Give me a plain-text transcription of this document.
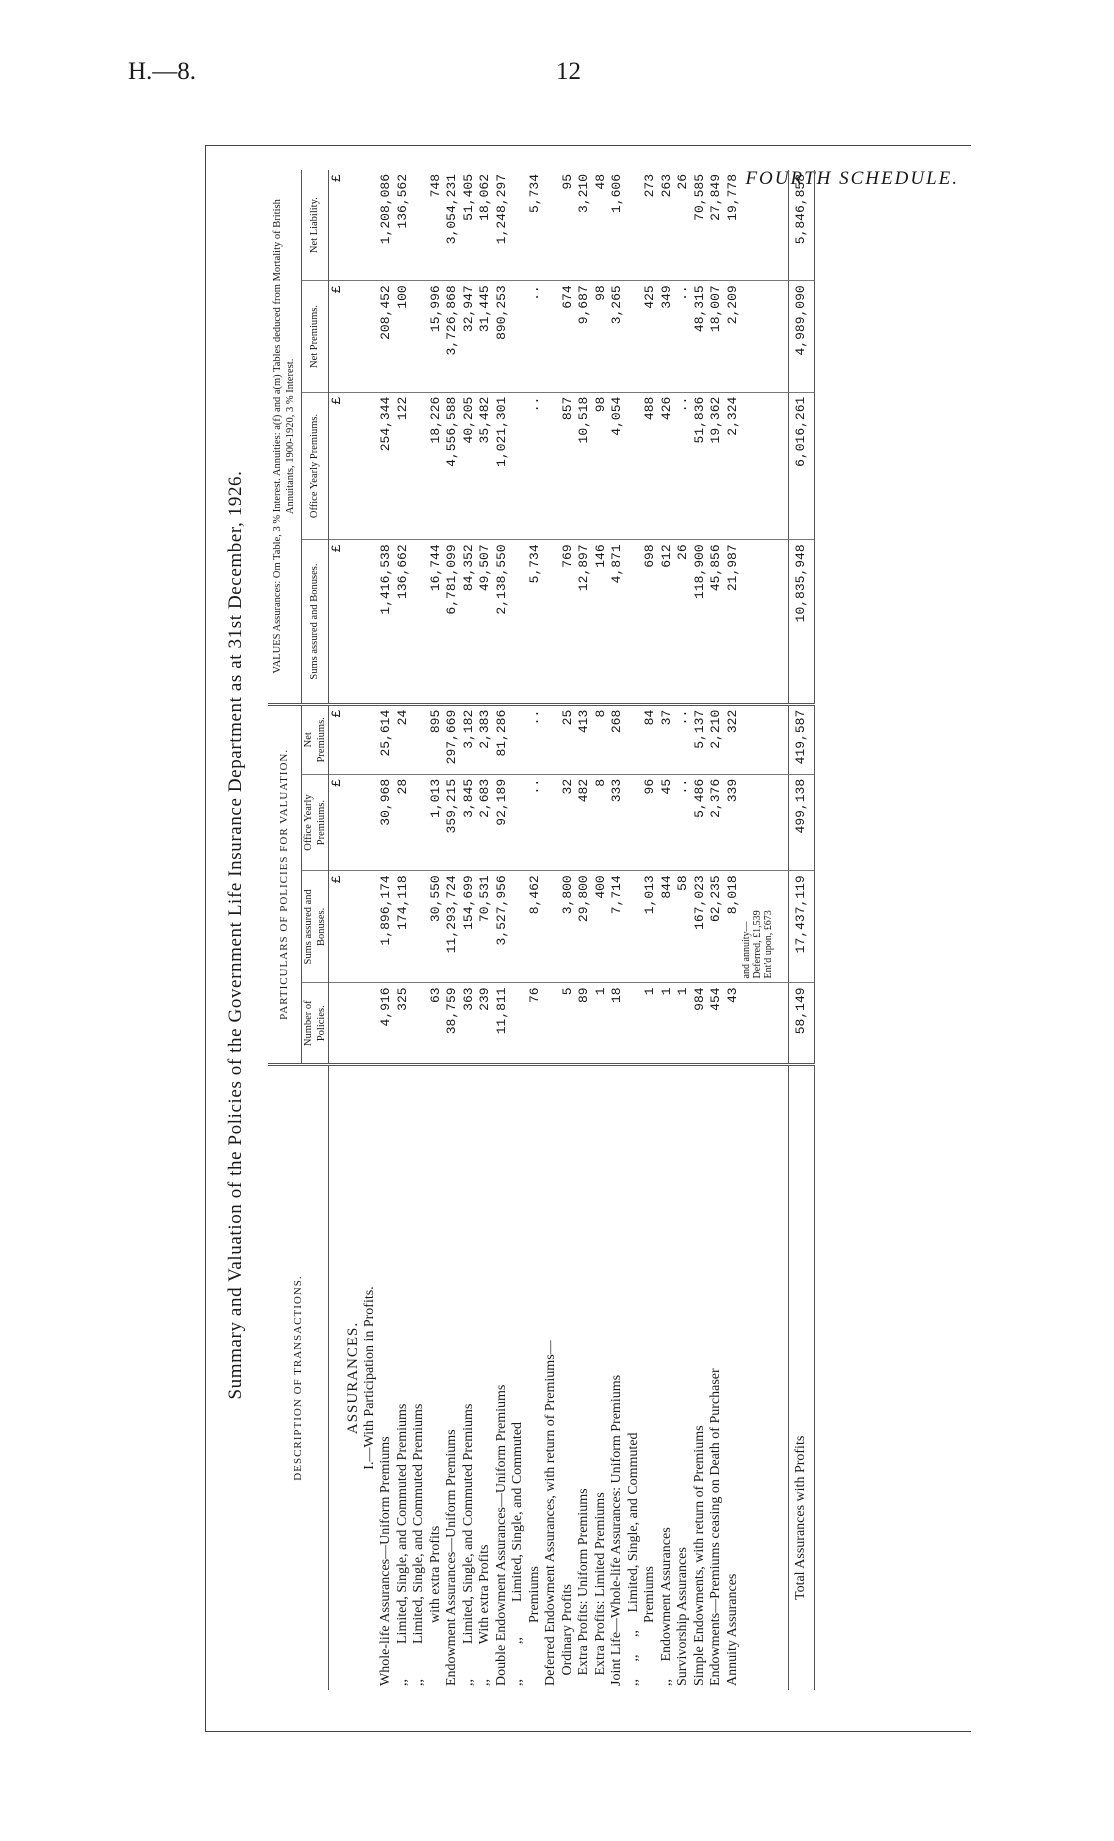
H.—8.	12
FOURTH SCHEDULE.
Summary and Valuation of the Policies of the Government Life Insurance Department as at 31st December, 1926.	DESCRIPTION OF TRANSACTIONS.	PARTICULARS OF POLICIES FOR VALUATION.				VALUES Assurances: Om Table, 3 % Interest. Annuities: a(f) and a(m) Tables deduced from Mortality of British Annuitants, 1900-1920, 3 % Interest.			
	Number of Policies.	Sums assured and Bonuses.	Office Yearly Premiums.	Net Premiums.	Sums assured and Bonuses.	Office Yearly Premiums.	Net Premiums.	Net Liability.
		£	£	£	£	£	£	£
ASSURANCES.								
I.—With Participation in Profits.								
Whole-life Assurances—Uniform Premiums	4,916	1,896,174	30,968	25,614	1,416,538	254,344	208,452	1,208,086
,,          Limited, Single, and Commuted Premiums	325	174,118	28	24	136,662	122	100	136,562
,,          Limited, Single, and Commuted Premiums								
with extra Profits	63	30,550	1,013	895	16,744	18,226	15,996	748
Endowment Assurances—Uniform Premiums	38,759	11,293,724	359,215	297,669	6,781,099	4,556,588	3,726,868	3,054,231
,,          Limited, Single, and Commuted Premiums	363	154,699	3,845	3,182	84,352	40,205	32,947	51,405
,,          With extra Profits	239	70,531	2,683	2,383	49,507	35,482	31,445	18,062
Double Endowment Assurances—Uniform Premiums	11,811	3,527,956	92,189	81,286	2,138,550	1,021,301	890,253	1,248,297
,,          ,,          Limited, Single, and Commuted								
Premiums	76	8,462	..	..	5,734	..	..	5,734
Deferred Endowment Assurances, with return of Premiums—								
Ordinary Profits	5	3,800	32	25	769	857	674	95
Extra Profits: Uniform Premiums	89	29,800	482	413	12,897	10,518	9,687	3,210
Extra Profits: Limited Premiums	1	400	8	8	146	98	98	48
Joint Life—Whole-life Assurances: Uniform Premiums	18	7,714	333	268	4,871	4,054	3,265	1,606
,,     ,,     ,,     Limited, Single, and Commuted								
Premiums	1	1,013	96	84	698	488	425	273
,,     Endowment Assurances	1	844	45	37	612	426	349	263
Survivorship Assurances	1	58	..	..	26	..	..	26
Simple Endowments, with return of Premiums	984	167,023	5,486	5,137	118,900	51,836	48,315	70,585
Endowments—Premiums ceasing on Death of Purchaser	454	62,235	2,376	2,210	45,856	19,362	18,007	27,849
Annuity Assurances	43	8,018	339	322	21,987	2,324	2,209	19,778

		and annuity— Deferred, £1,539 Ent'd upon, £673						

Total Assurances with Profits	58,149	17,437,119	499,138	419,587	10,835,948	6,016,261	4,989,090	5,846,858
